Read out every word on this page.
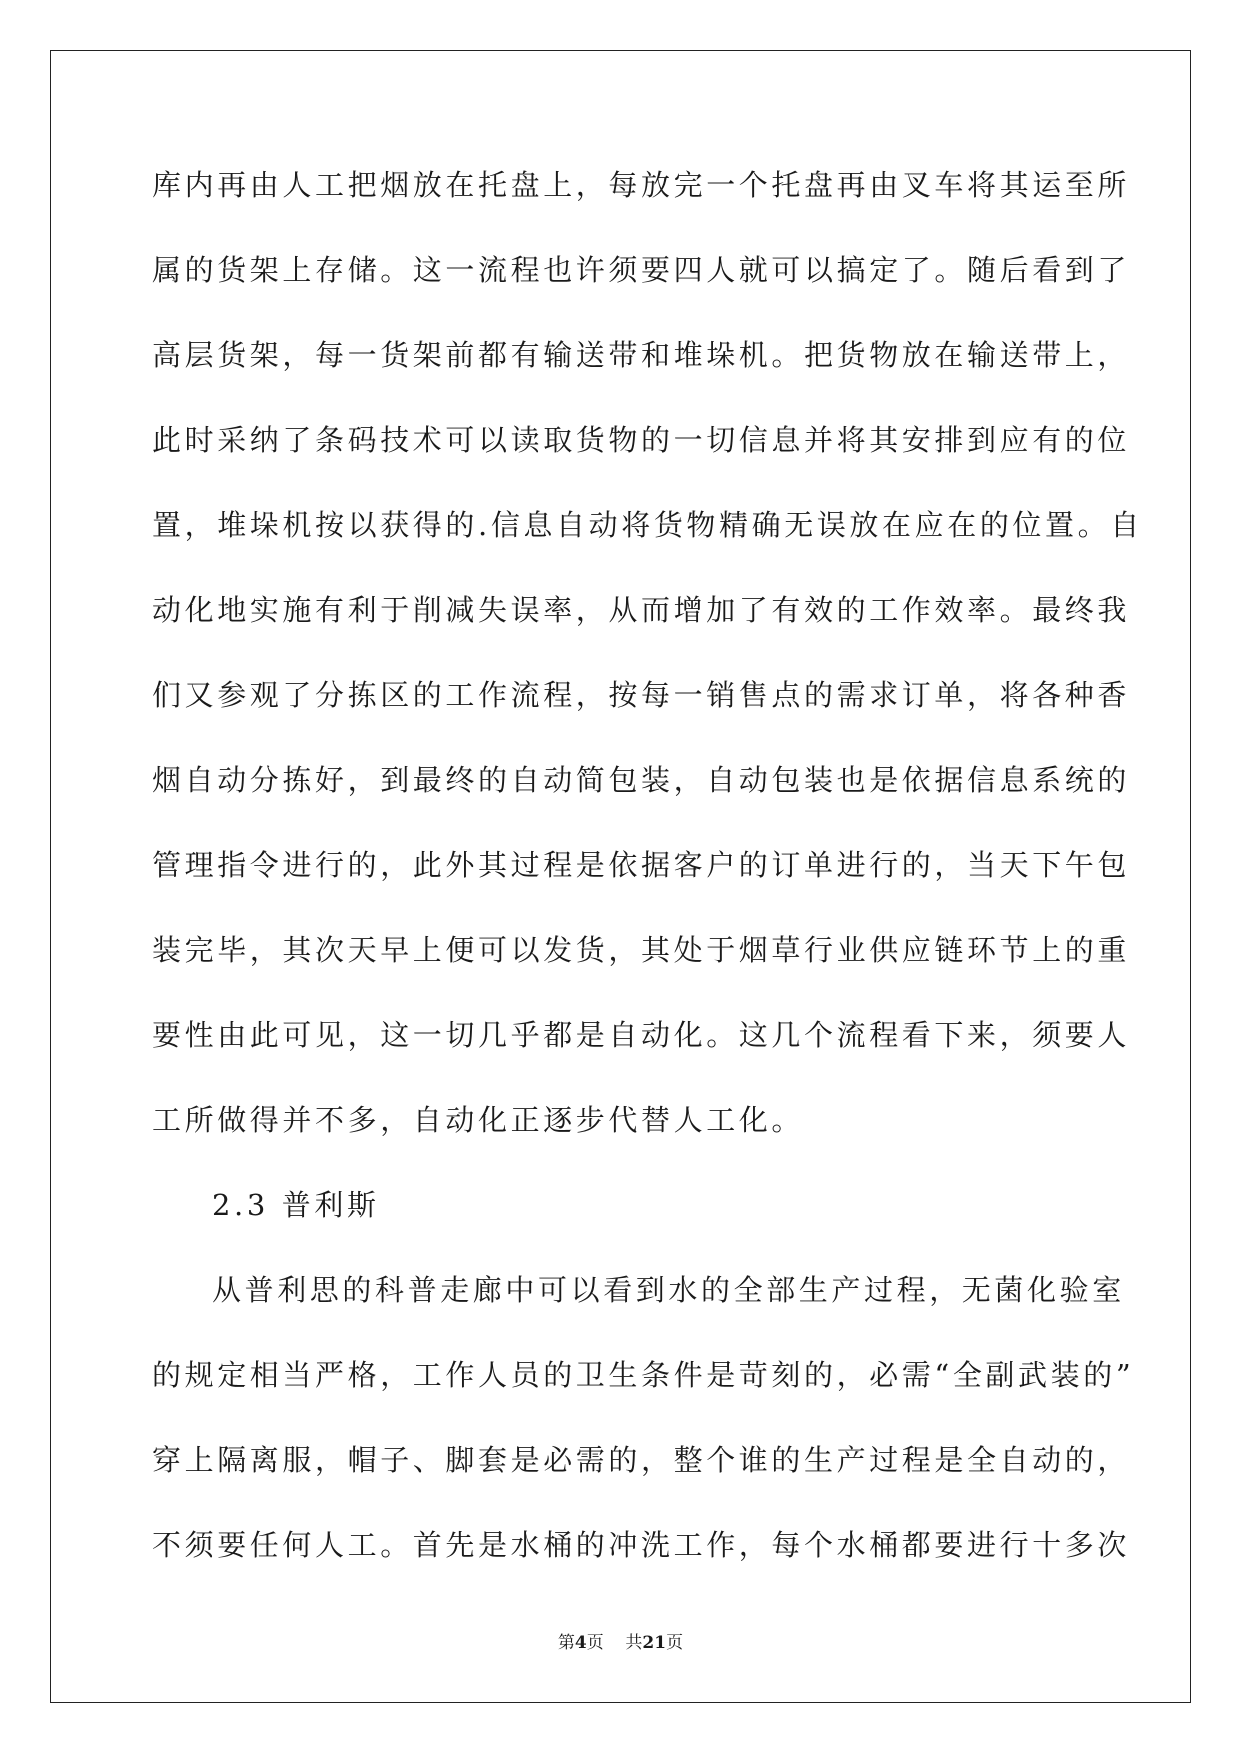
库内再由人工把烟放在托盘上，每放完一个托盘再由叉车将其运至所
属的货架上存储。这一流程也许须要四人就可以搞定了。随后看到了
高层货架，每一货架前都有输送带和堆垛机。把货物放在输送带上，
此时采纳了条码技术可以读取货物的一切信息并将其安排到应有的位
置，堆垛机按以获得的.信息自动将货物精确无误放在应在的位置。自
动化地实施有利于削减失误率，从而增加了有效的工作效率。最终我
们又参观了分拣区的工作流程，按每一销售点的需求订单，将各种香
烟自动分拣好，到最终的自动简包装，自动包装也是依据信息系统的
管理指令进行的，此外其过程是依据客户的订单进行的，当天下午包
装完毕，其次天早上便可以发货，其处于烟草行业供应链环节上的重
要性由此可见，这一切几乎都是自动化。这几个流程看下来，须要人
工所做得并不多，自动化正逐步代替人工化。
2.3 普利斯
从普利思的科普走廊中可以看到水的全部生产过程，无菌化验室
的规定相当严格，工作人员的卫生条件是苛刻的，必需“全副武装的”
穿上隔离服，帽子、脚套是必需的，整个谁的生产过程是全自动的，
不须要任何人工。首先是水桶的冲洗工作，每个水桶都要进行十多次
第4页 共21页
